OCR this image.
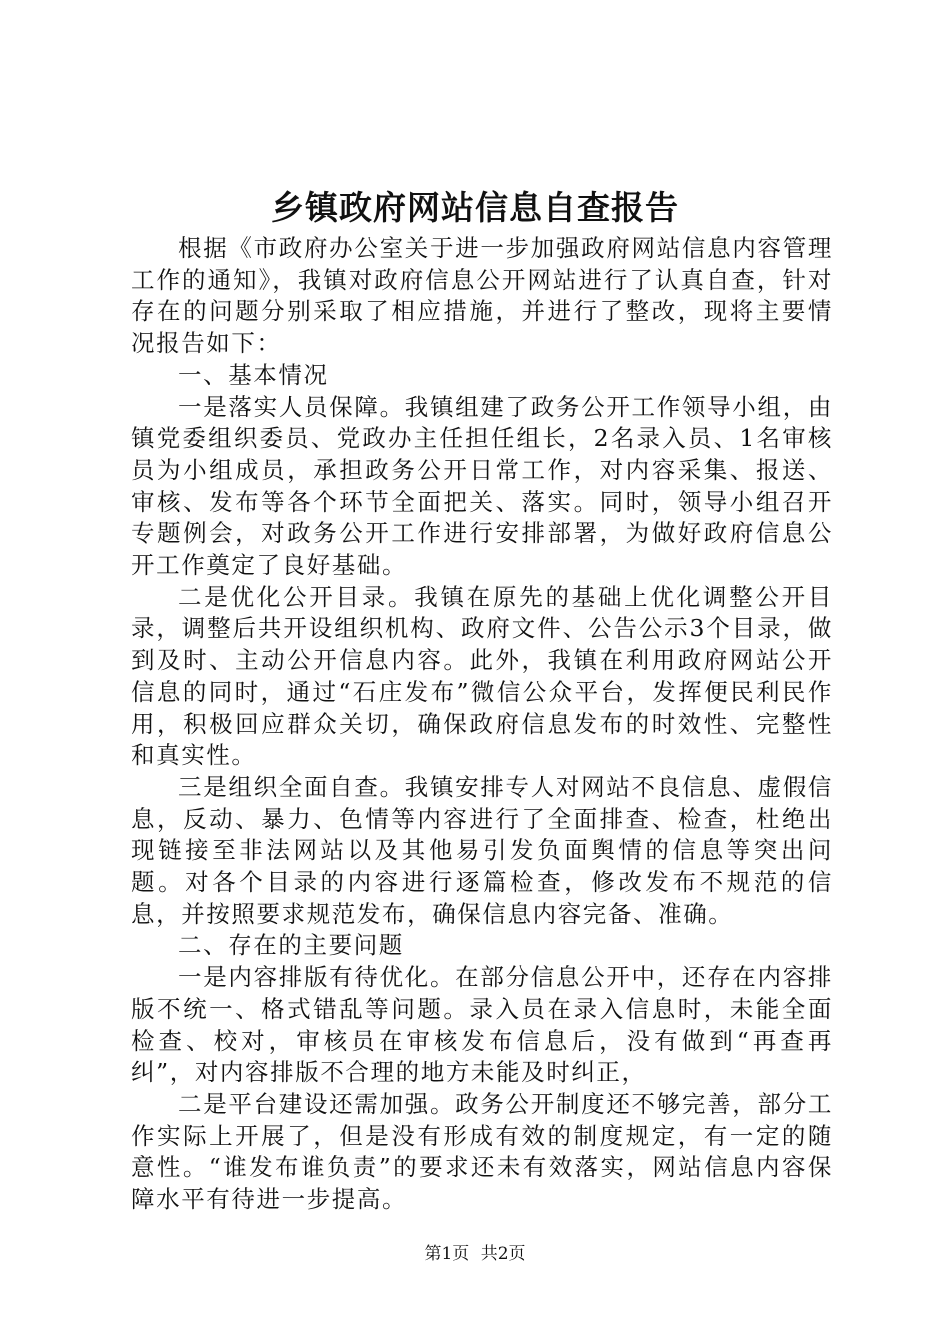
乡镇政府网站信息自查报告

根据《市政府办公室关于进一步加强政府网站信息内容管理工作的通知》，我镇对政府信息公开网站进行了认真自查，针对存在的问题分别采取了相应措施，并进行了整改，现将主要情况报告如下：

一、基本情况

一是落实人员保障。我镇组建了政务公开工作领导小组，由镇党委组织委员、党政办主任担任组长，2名录入员、1名审核员为小组成员，承担政务公开日常工作，对内容采集、报送、审核、发布等各个环节全面把关、落实。同时，领导小组召开专题例会，对政务公开工作进行安排部署，为做好政府信息公开工作奠定了良好基础。

二是优化公开目录。我镇在原先的基础上优化调整公开目录，调整后共开设组织机构、政府文件、公告公示3个目录，做到及时、主动公开信息内容。此外，我镇在利用政府网站公开信息的同时，通过“石庄发布”微信公众平台，发挥便民利民作用，积极回应群众关切，确保政府信息发布的时效性、完整性和真实性。

三是组织全面自查。我镇安排专人对网站不良信息、虚假信息，反动、暴力、色情等内容进行了全面排查、检查，杜绝出现链接至非法网站以及其他易引发负面舆情的信息等突出问题。对各个目录的内容进行逐篇检查，修改发布不规范的信息，并按照要求规范发布，确保信息内容完备、准确。

二、存在的主要问题

一是内容排版有待优化。在部分信息公开中，还存在内容排版不统一、格式错乱等问题。录入员在录入信息时，未能全面检查、校对，审核员在审核发布信息后，没有做到“再查再纠”，对内容排版不合理的地方未能及时纠正，

二是平台建设还需加强。政务公开制度还不够完善，部分工作实际上开展了，但是没有形成有效的制度规定，有一定的随意性。“谁发布谁负责”的要求还未有效落实，网站信息内容保障水平有待进一步提高。

第1页 共2页
